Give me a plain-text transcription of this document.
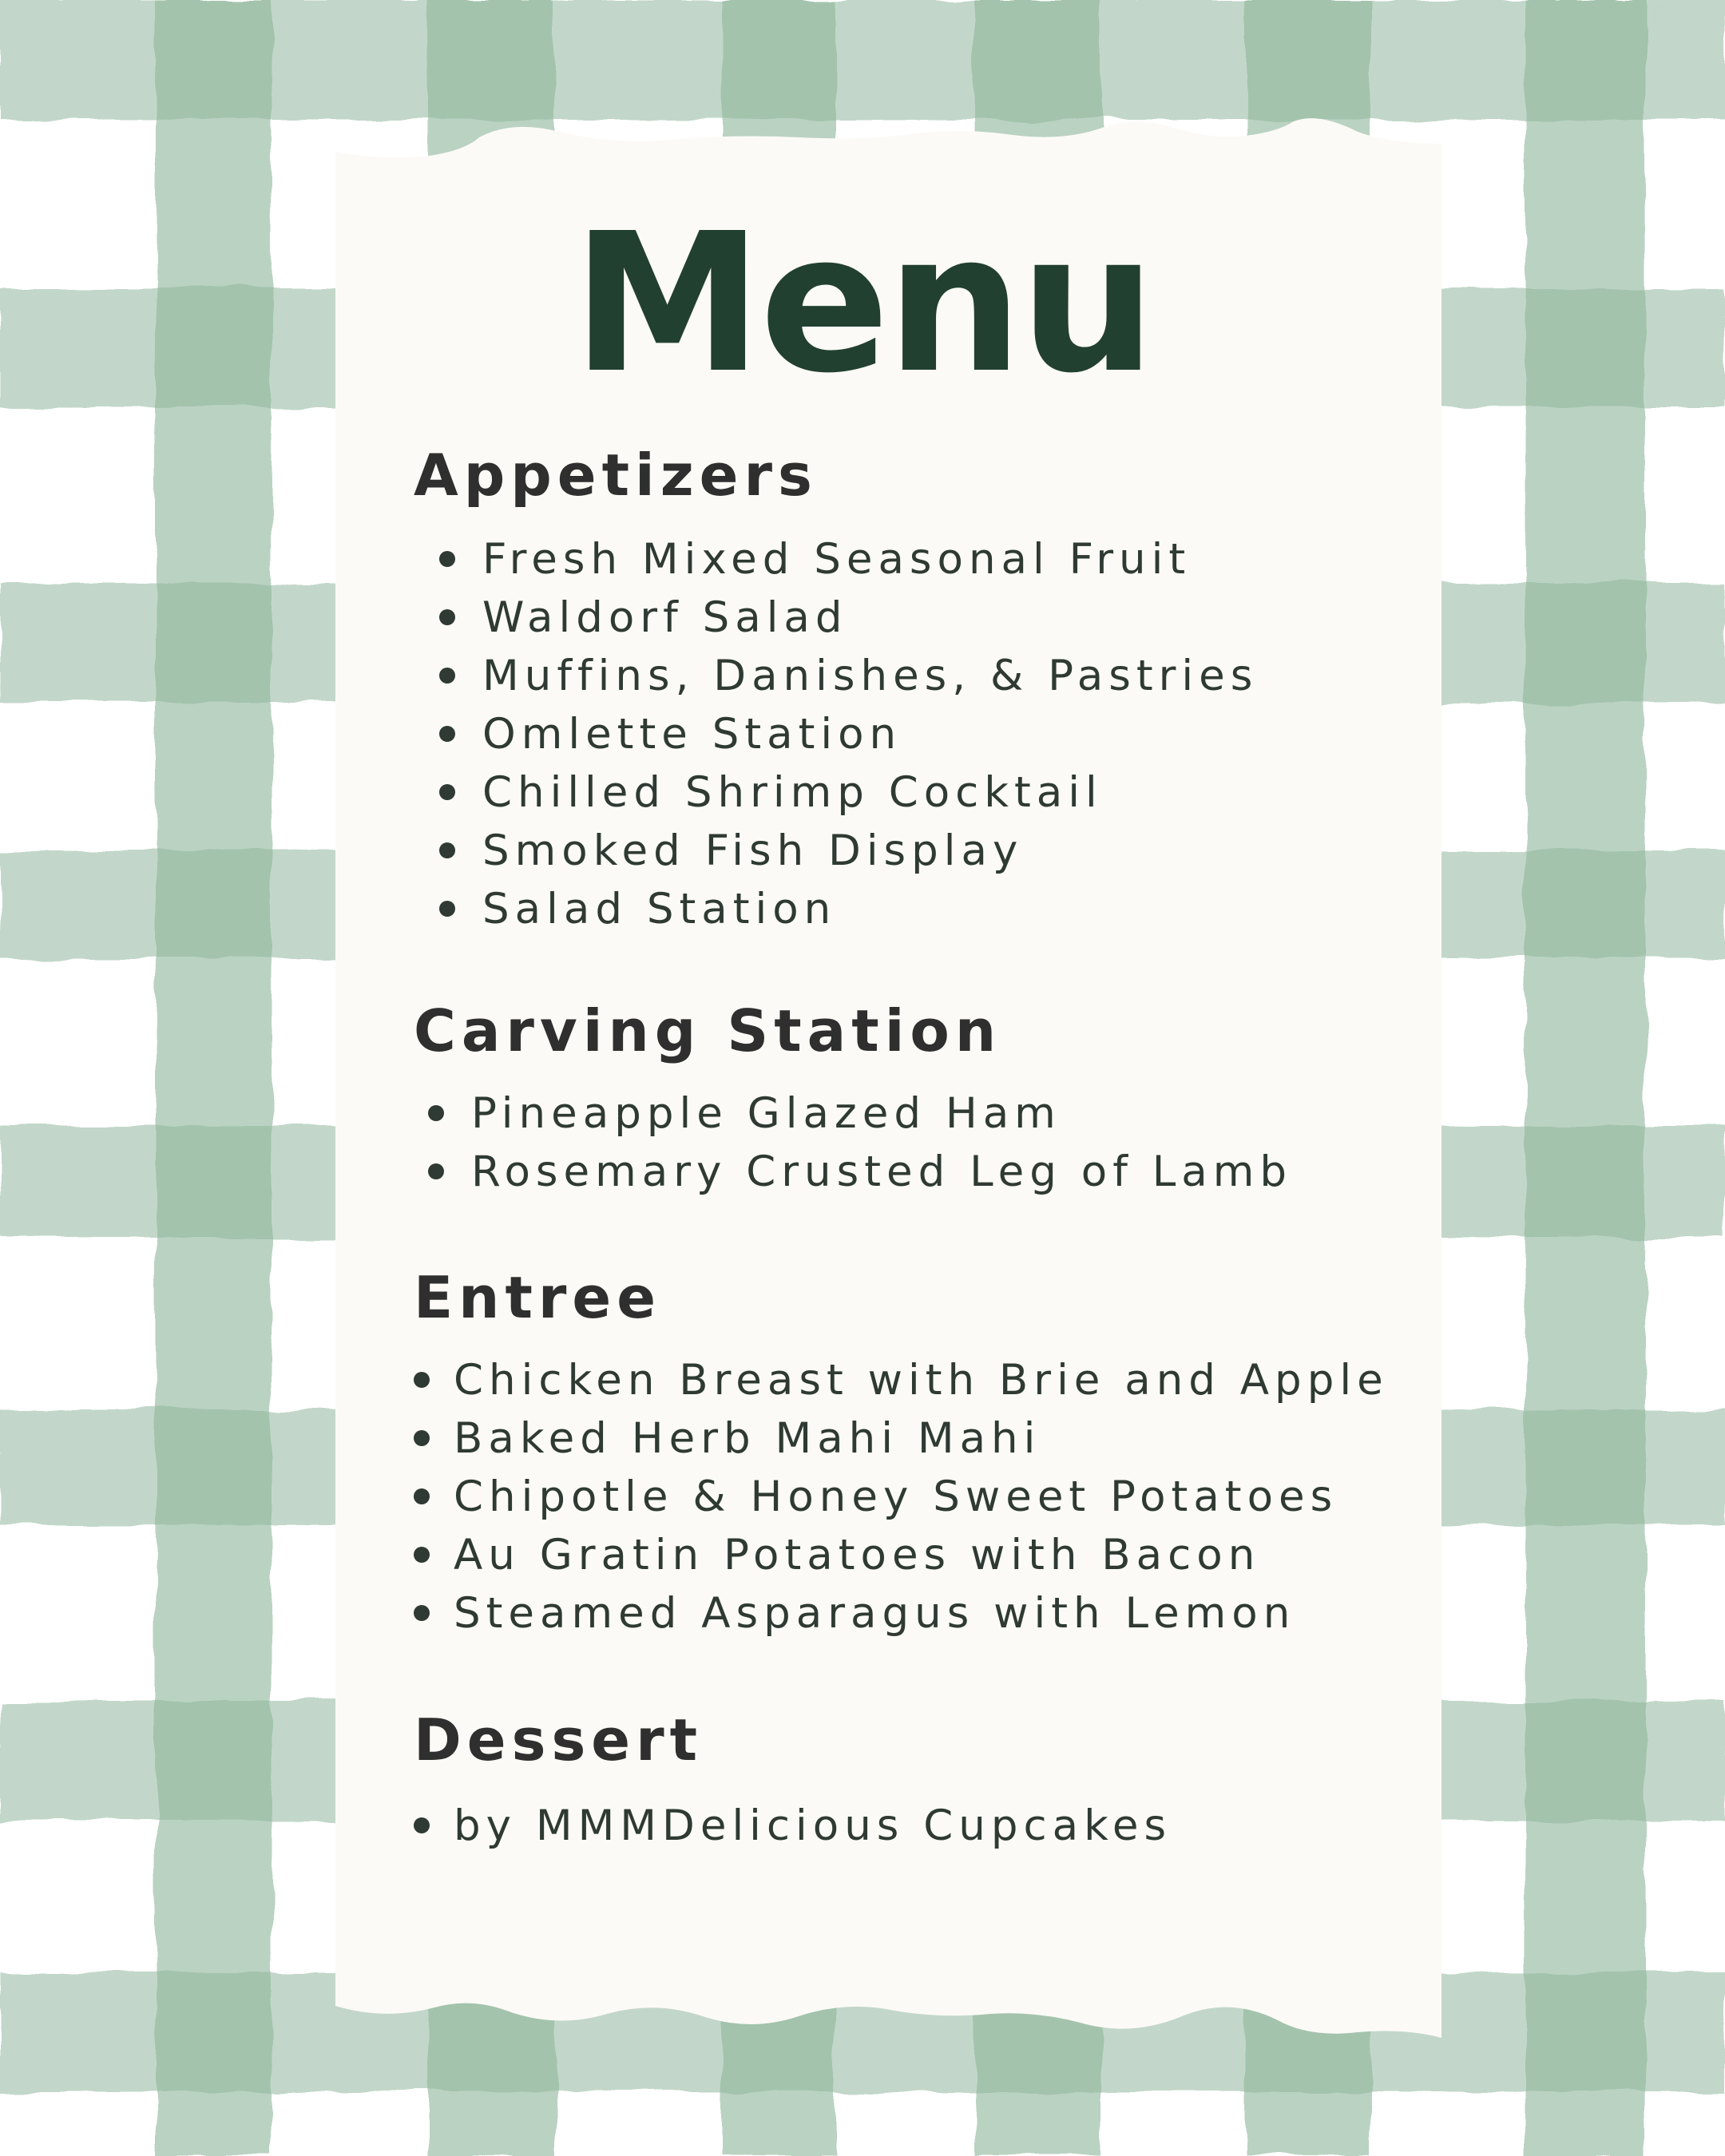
Menu
Appetizers
Fresh Mixed Seasonal Fruit
Waldorf Salad
Muffins, Danishes, & Pastries
Omlette Station
Chilled Shrimp Cocktail
Smoked Fish Display
Salad Station
Carving Station
Pineapple Glazed Ham
Rosemary Crusted Leg of Lamb
Entree
Chicken Breast with Brie and Apple
Baked Herb Mahi Mahi
Chipotle & Honey Sweet Potatoes
Au Gratin Potatoes with Bacon
Steamed Asparagus with Lemon
Dessert
by MMMDelicious Cupcakes
